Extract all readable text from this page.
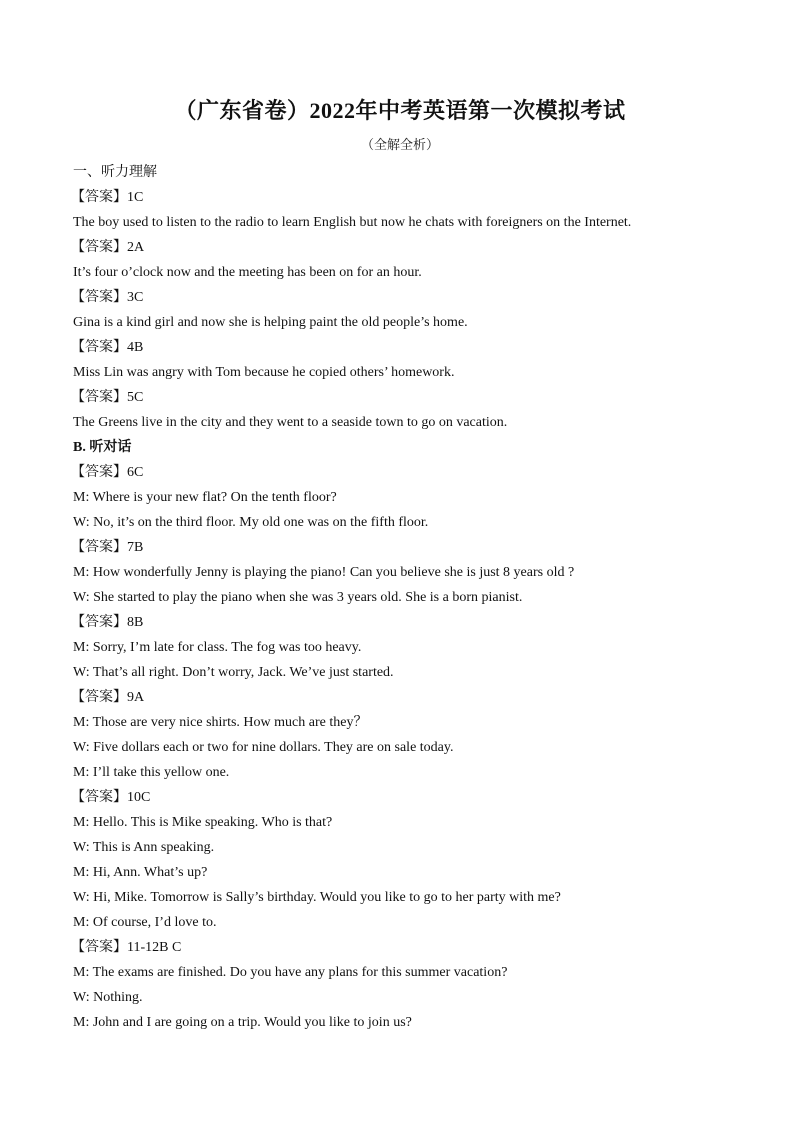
（广东省卷）2022年中考英语第一次模拟考试
（全解全析）
一、听力理解
【答案】1C
The boy used to listen to the radio to learn English but now he chats with foreigners on the Internet.
【答案】2A
It’s four o’clock now and the meeting has been on for an hour.
【答案】3C
Gina is a kind girl and now she is helping paint the old people’s home.
【答案】4B
Miss Lin was angry with Tom because he copied others’ homework.
【答案】5C
The Greens live in the city and they went to a seaside town to go on vacation.
B. 听对话
【答案】6C
M: Where is your new flat? On the tenth floor?
W: No, it’s on the third floor. My old one was on the fifth floor.
【答案】7B
M: How wonderfully Jenny is playing the piano! Can you believe she is just 8 years old ?
W: She started to play the piano when she was 3 years old. She is a born pianist.
【答案】8B
M: Sorry, I’m late for class. The fog was too heavy.
W: That’s all right. Don’t worry, Jack. We’ve just started.
【答案】9A
M: Those are very nice shirts. How much are they？
W: Five dollars each or two for nine dollars. They are on sale today.
M: I’ll take this yellow one.
【答案】10C
M: Hello. This is Mike speaking. Who is that?
W: This is Ann speaking.
M: Hi, Ann. What’s up?
W: Hi, Mike. Tomorrow is Sally’s birthday. Would you like to go to her party with me?
M: Of course, I’d love to.
【答案】11-12B C
M: The exams are finished. Do you have any plans for this summer vacation?
W: Nothing.
M: John and I are going on a trip. Would you like to join us?
